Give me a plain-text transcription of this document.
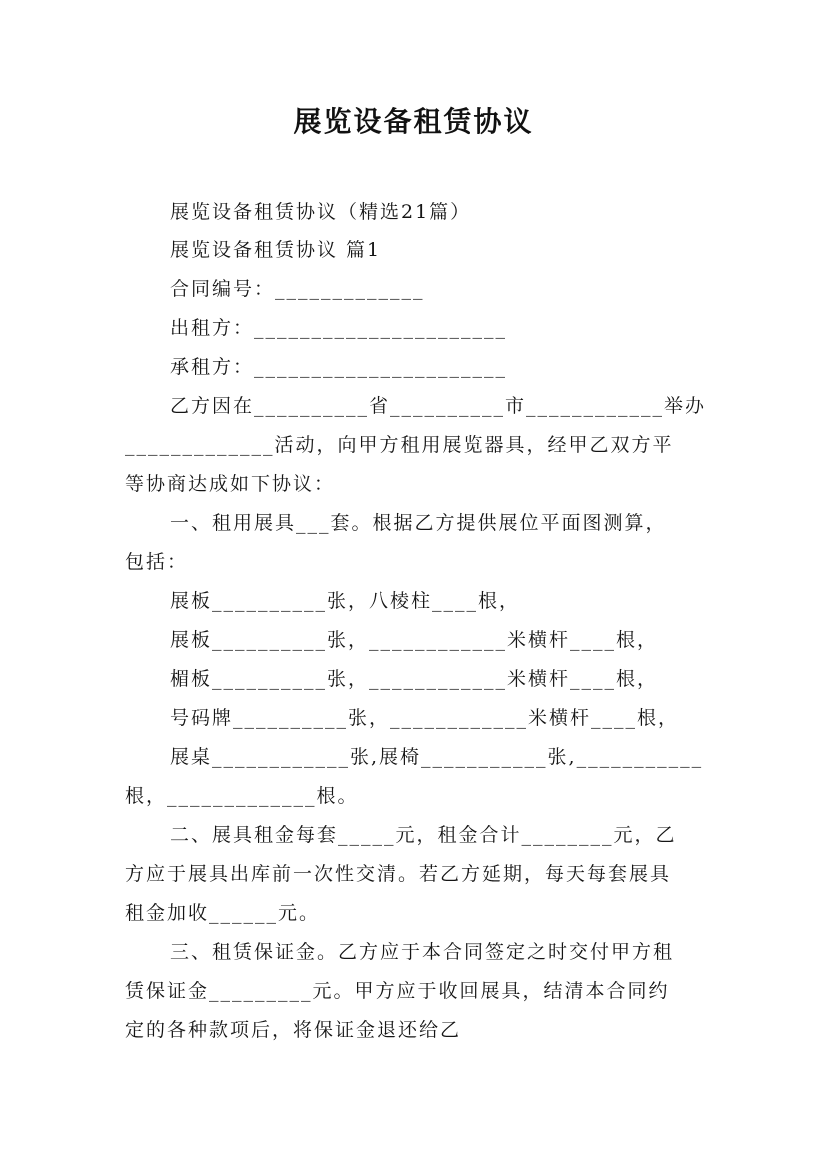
展览设备租赁协议
展览设备租赁协议（精选21篇）
展览设备租赁协议 篇1
合同编号：_____________
出租方：______________________
承租方：______________________
乙方因在__________省__________市____________举办
_____________活动，向甲方租用展览器具，经甲乙双方平
等协商达成如下协议：
一、租用展具___套。根据乙方提供展位平面图测算，
包括：
展板__________张，八棱柱____根，
展板__________张，____________米横杆____根，
楣板__________张，____________米横杆____根，
号码牌__________张，____________米横杆____根，
展桌____________张,展椅___________张,___________
根，_____________根。
二、展具租金每套_____元，租金合计________元，乙
方应于展具出库前一次性交清。若乙方延期，每天每套展具
租金加收______元。
三、租赁保证金。乙方应于本合同签定之时交付甲方租
赁保证金_________元。甲方应于收回展具，结清本合同约
定的各种款项后，将保证金退还给乙
